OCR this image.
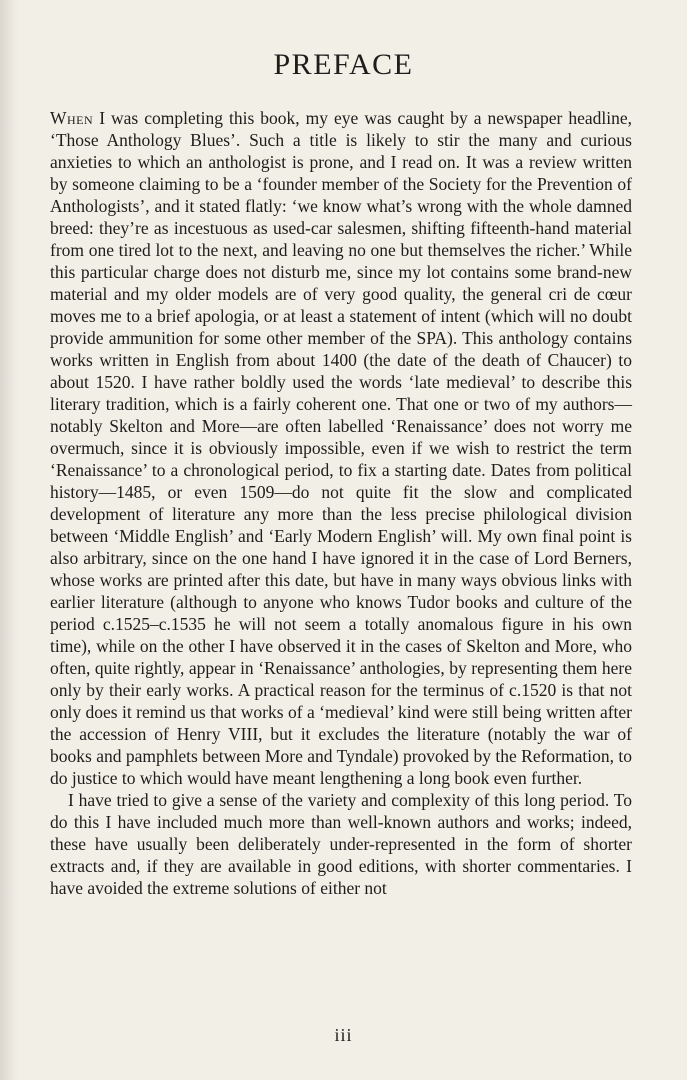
PREFACE

When I was completing this book, my eye was caught by a newspaper headline, ‘Those Anthology Blues’. Such a title is likely to stir the many and curious anxieties to which an anthologist is prone, and I read on. It was a review written by someone claiming to be a ‘founder member of the Society for the Prevention of Anthologists’, and it stated flatly: ‘we know what’s wrong with the whole damned breed: they’re as incestuous as used-car salesmen, shifting fifteenth-hand material from one tired lot to the next, and leaving no one but themselves the richer.’ While this particular charge does not disturb me, since my lot contains some brand-new material and my older models are of very good quality, the general cri de cœur moves me to a brief apologia, or at least a statement of intent (which will no doubt provide ammunition for some other member of the SPA). This anthology contains works written in English from about 1400 (the date of the death of Chaucer) to about 1520. I have rather boldly used the words ‘late medieval’ to describe this literary tradition, which is a fairly coherent one. That one or two of my authors—notably Skelton and More—are often labelled ‘Renaissance’ does not worry me overmuch, since it is obviously impossible, even if we wish to restrict the term ‘Renaissance’ to a chronological period, to fix a starting date. Dates from political history—1485, or even 1509—do not quite fit the slow and complicated development of literature any more than the less precise philological division between ‘Middle English’ and ‘Early Modern English’ will. My own final point is also arbitrary, since on the one hand I have ignored it in the case of Lord Berners, whose works are printed after this date, but have in many ways obvious links with earlier literature (although to anyone who knows Tudor books and culture of the period c.1525–c.1535 he will not seem a totally anomalous figure in his own time), while on the other I have observed it in the cases of Skelton and More, who often, quite rightly, appear in ‘Renaissance’ anthologies, by representing them here only by their early works. A practical reason for the terminus of c.1520 is that not only does it remind us that works of a ‘medieval’ kind were still being written after the accession of Henry VIII, but it excludes the literature (notably the war of books and pamphlets between More and Tyndale) provoked by the Reformation, to do justice to which would have meant lengthening a long book even further.

I have tried to give a sense of the variety and complexity of this long period. To do this I have included much more than well-known authors and works; indeed, these have usually been deliberately under-represented in the form of shorter extracts and, if they are available in good editions, with shorter commentaries. I have avoided the extreme solutions of either not

iii
